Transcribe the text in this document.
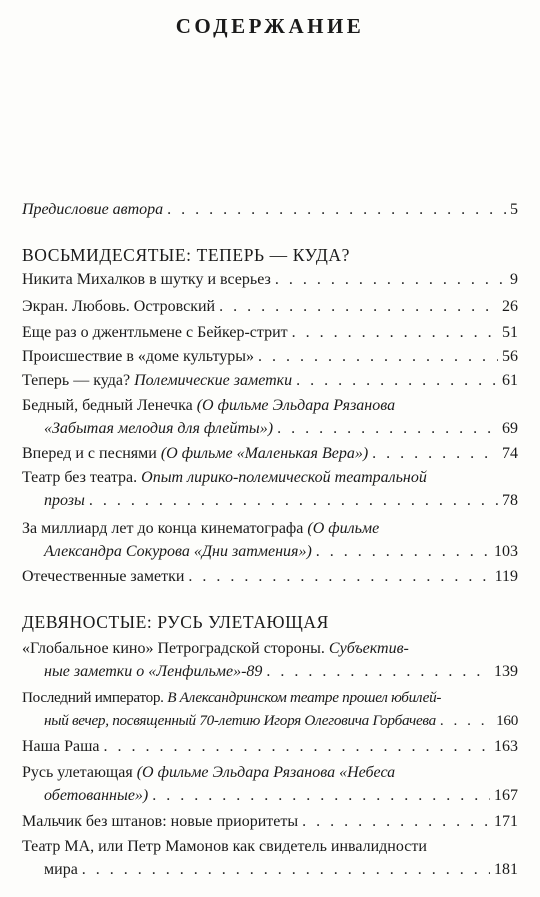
СОДЕРЖАНИЕ
Предисловие автора . . .	5
ВОСЬМИДЕСЯТЫЕ: ТЕПЕРЬ — КУДА?
Никита Михалков в шутку и всерьез . . .	9
Экран. Любовь. Островский . . .	26
Еще раз о джентльмене с Бейкер-стрит . . .	51
Происшествие в «доме культуры» . . .	56
Теперь — куда? Полемические заметки . . .	61
Бедный, бедный Ленечка (О фильме Эльдара Рязанова
«Забытая мелодия для флейты») . . .	69
Вперед и с песнями (О фильме «Маленькая Вера») . . .	74
Театр без театра. Опыт лирико-полемической театральной
прозы . . .	78
За миллиард лет до конца кинематографа (О фильме
Александра Сокурова «Дни затмения») . . .	103
Отечественные заметки . . .	119
ДЕВЯНОСТЫЕ: РУСЬ УЛЕТАЮЩАЯ
«Глобальное кино» Петроградской стороны. Субъектив-
ные заметки о «Ленфильме»-89 . . .	139
Последний император. В Александринском театре прошел юбилей-
ный вечер, посвященный 70-летию Игоря Олеговича Горбачева . . .	160
Наша Раша . . .	163
Русь улетающая (О фильме Эльдара Рязанова «Небеса
обетованные») . . .	167
Мальчик без штанов: новые приоритеты . . .	171
Театр МА, или Петр Мамонов как свидетель инвалидности
мира . . .	181
